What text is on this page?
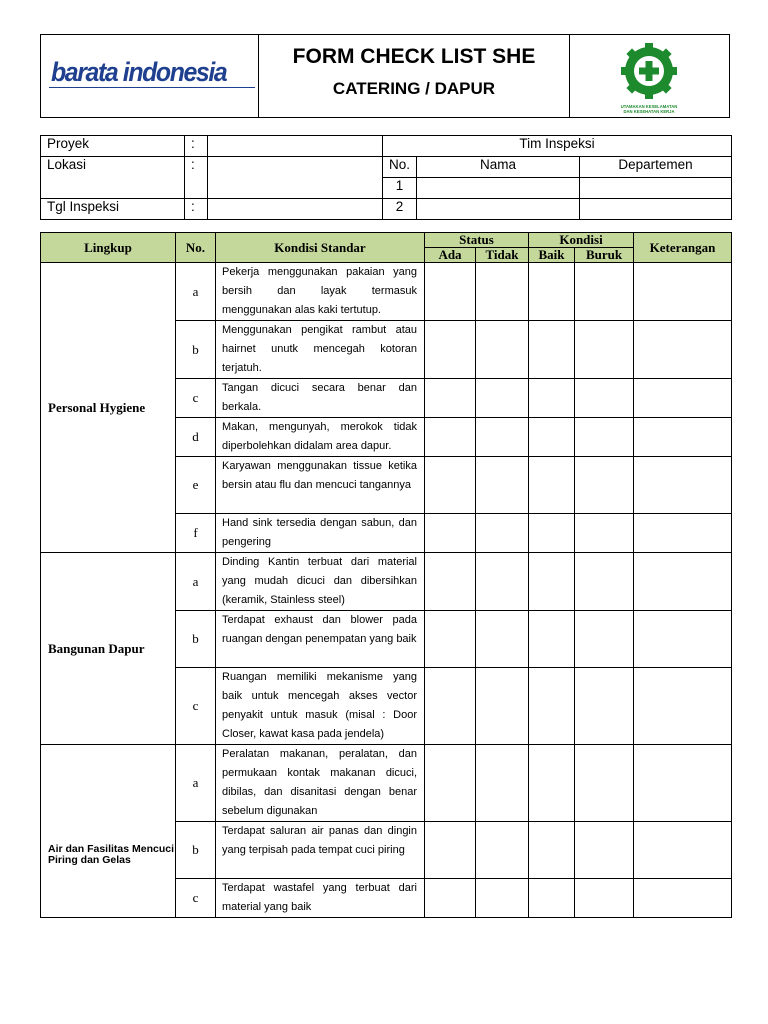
barata indonesia
FORM CHECK LIST SHE
CATERING / DAPUR
UTAMAKAN KESELAMATAN
DAN KESEHATAN KERJA
Proyek	:		Tim Inspeksi		
Lokasi	:		No.	Nama	Departemen
			1		
Tgl Inspeksi	:		2		
Lingkup	No.	Kondisi Standar	Status		Kondisi		Keterangan
			Ada	Tidak	Baik	Buruk	
Personal Hygiene	a	Pekerja menggunakan pakaian yang bersih dan layak termasuk menggunakan alas kaki tertutup.					
	b	Menggunakan pengikat rambut atau hairnet unutk mencegah kotoran terjatuh.					
	c	Tangan dicuci secara benar dan berkala.					
	d	Makan, mengunyah, merokok tidak diperbolehkan didalam area dapur.					
	e	Karyawan menggunakan tissue ketika bersin atau flu dan mencuci tangannya					
	f	Hand sink tersedia dengan sabun, dan pengering					
Bangunan Dapur	a	Dinding Kantin terbuat dari material yang mudah dicuci dan dibersihkan (keramik, Stainless steel)					
	b	Terdapat exhaust dan blower pada ruangan dengan penempatan yang baik					
	c	Ruangan memiliki mekanisme yang baik untuk mencegah akses vector penyakit untuk masuk (misal : Door Closer, kawat kasa pada jendela)					
Air dan Fasilitas Mencuci Piring dan Gelas	a	Peralatan makanan, peralatan, dan permukaan kontak makanan dicuci, dibilas, dan disanitasi dengan benar sebelum digunakan					
	b	Terdapat saluran air panas dan dingin yang terpisah pada tempat cuci piring					
	c	Terdapat wastafel yang terbuat dari material yang baik					
